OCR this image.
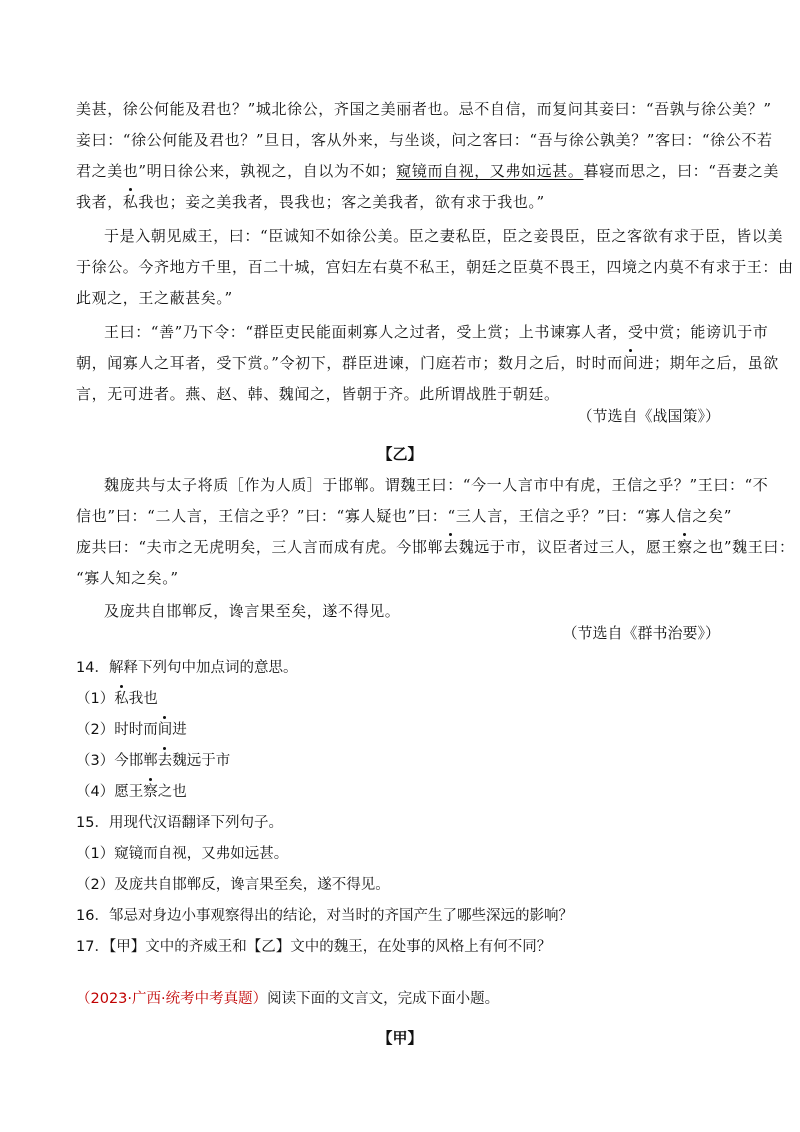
美甚，徐公何能及君也？”城北徐公，齐国之美丽者也。忌不自信，而复问其妾曰：“吾孰与徐公美？”
妾曰：“徐公何能及君也？”旦日，客从外来，与坐谈，问之客曰：“吾与徐公孰美？”客曰：“徐公不若
君之美也”明日徐公来，孰视之，自以为不如；窥镜而自视，又弗如远甚。暮寝而思之，曰：“吾妻之美
我者，私我也；妾之美我者，畏我也；客之美我者，欲有求于我也。”
于是入朝见威王，曰：“臣诚知不如徐公美。臣之妻私臣，臣之妾畏臣，臣之客欲有求于臣，皆以美
于徐公。今齐地方千里，百二十城，宫妇左右莫不私王，朝廷之臣莫不畏王，四境之内莫不有求于王：由
此观之，王之蔽甚矣。”
王曰：“善”乃下令：“群臣吏民能面刺寡人之过者，受上赏；上书谏寡人者，受中赏；能谤讥于市
朝，闻寡人之耳者，受下赏。”令初下，群臣进谏，门庭若市；数月之后，时时而间进；期年之后，虽欲
言，无可进者。燕、赵、韩、魏闻之，皆朝于齐。此所谓战胜于朝廷。
（节选自《战国策》）
【乙】
魏庞共与太子将质［作为人质］于邯郸。谓魏王曰：“今一人言市中有虎，王信之乎？”王曰：“不
信也”曰：“二人言，王信之乎？”曰：“寡人疑也”曰：“三人言，王信之乎？”曰：“寡人信之矣”
庞共曰：“夫市之无虎明矣，三人言而成有虎。今邯郸去魏远于市，议臣者过三人，愿王察之也”魏王曰：
“寡人知之矣。”
及庞共自邯郸反，谗言果至矣，遂不得见。
（节选自《群书治要》）
14．解释下列句中加点词的意思。
（1）私我也
（2）时时而间进
（3）今邯郸去魏远于市
（4）愿王察之也
15．用现代汉语翻译下列句子。
（1）窥镜而自视，又弗如远甚。
（2）及庞共自邯郸反，谗言果至矣，遂不得见。
16．邹忌对身边小事观察得出的结论，对当时的齐国产生了哪些深远的影响？
17．【甲】文中的齐威王和【乙】文中的魏王，在处事的风格上有何不同？
（2023·广西·统考中考真题）阅读下面的文言文，完成下面小题。
【甲】
